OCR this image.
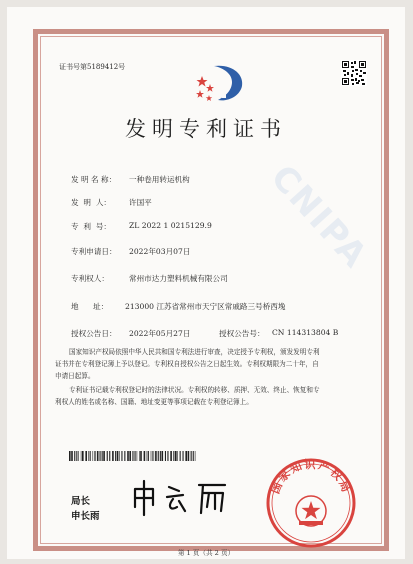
CNIPA
证书号第5189412号
发明专利证书
发 明 名 称： 一种卷用转运机构
发  明  人： 许国平
专  利  号： ZL 2022 1 0215129.9
专利申请日： 2022年03月07日
专利权人：	常州市达力塑料机械有限公司
地      址： 213000 江苏省常州市天宁区常戚路三号桥西堍
授权公告日： 2022年05月27日	授权公告号： CN 114313804 B
国家知识产权局依照中华人民共和国专利法进行审查，决定授予专利权，颁发发明专利
证书并在专利登记簿上予以登记。专利权自授权公告之日起生效。专利权期限为二十年，自
申请日起算。
专利证书记载专利权登记时的法律状况。专利权的转移、质押、无效、终止、恢复和专
利权人的姓名或名称、国籍、地址变更等事项记载在专利登记簿上。
局长
申长雨
国家知识产权局
第 1 页（共 2 页）
